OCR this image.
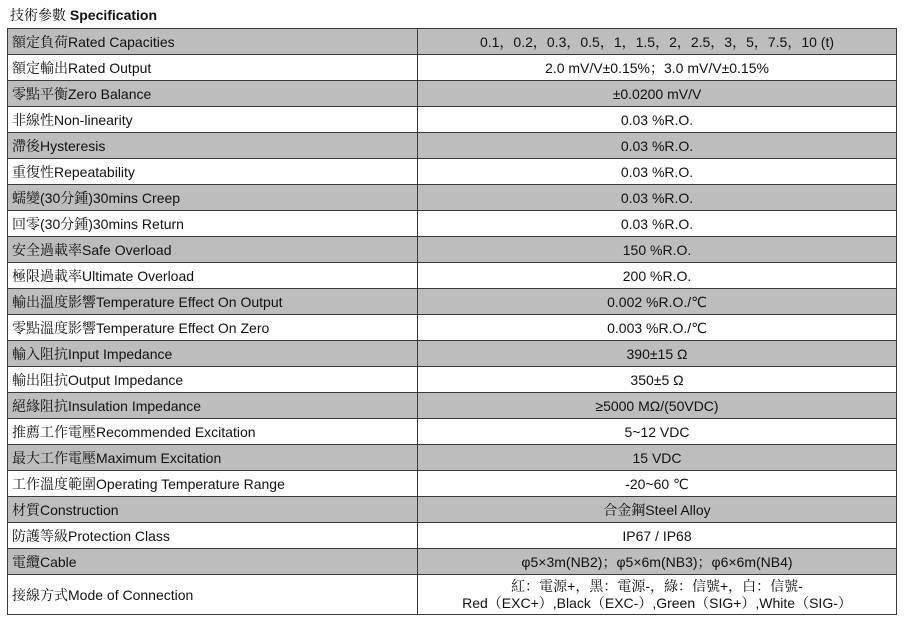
技術參數 Specification
額定負荷Rated Capacities	0.1，0.2，0.3，0.5，1，1.5，2，2.5，3，5，7.5，10 (t)
額定輸出Rated Output	2.0 mV/V±0.15%；3.0 mV/V±0.15%
零點平衡Zero Balance	±0.0200 mV/V
非線性Non-linearity	0.03 %R.O.
滯後Hysteresis	0.03 %R.O.
重復性Repeatability	0.03 %R.O.
蠕變(30分鍾)30mins Creep	0.03 %R.O.
回零(30分鍾)30mins Return	0.03 %R.O.
安全過載率Safe Overload	150 %R.O.
極限過載率Ultimate Overload	200 %R.O.
輸出溫度影響Temperature Effect On Output	0.002 %R.O./℃
零點溫度影響Temperature Effect On Zero	0.003 %R.O./℃
輸入阻抗Input Impedance	390±15 Ω
輸出阻抗Output Impedance	350±5 Ω
絕緣阻抗Insulation Impedance	≥5000 MΩ/(50VDC)
推薦工作電壓Recommended Excitation	5~12 VDC
最大工作電壓Maximum Excitation	15 VDC
工作溫度範圍Operating Temperature Range	-20~60 ℃
材質Construction	合金鋼Steel Alloy
防護等級Protection Class	IP67 / IP68
電纜Cable	φ5×3m(NB2)；φ5×6m(NB3)；φ6×6m(NB4)
接線方式Mode of Connection	紅：電源+，黑：電源-，綠：信號+，白：信號-
Red（EXC+）,Black（EXC-）,Green（SIG+）,White（SIG-）
